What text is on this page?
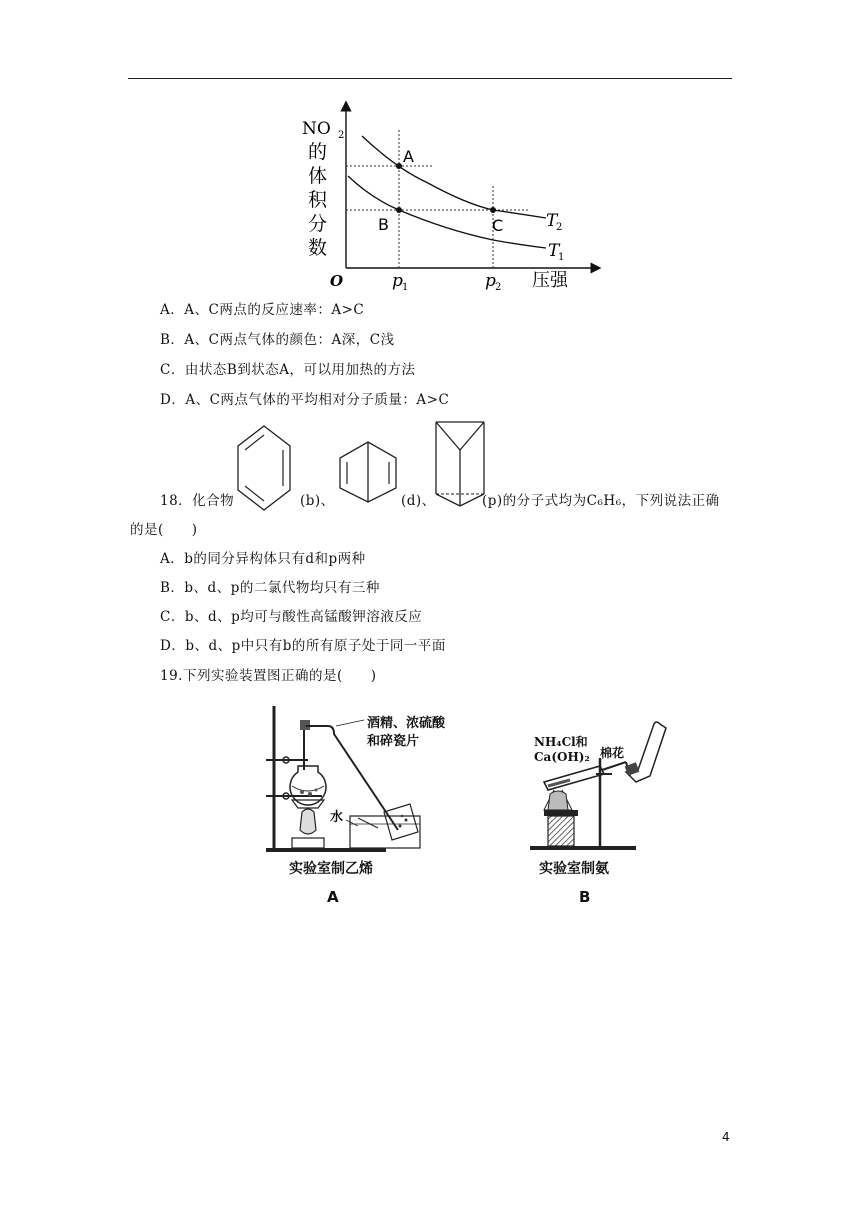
NO 2
的
体
积
分
数
O	p 1	p 2 压强
A
B	C	T
2
T
1
A．A、C两点的反应速率：A>C
B．A、C两点气体的颜色：A深，C浅
C．由状态B到状态A，可以用加热的方法
D．A、C两点气体的平均相对分子质量：A>C
18．化合物	(b)、	(d)、	(p)的分子式均为C₆H₆，下列说法正确
的是(　　)
A．b的同分异构体只有d和p两种
B．b、d、p的二氯代物均只有三种
C．b、d、p均可与酸性高锰酸钾溶液反应
D．b、d、p中只有b的所有原子处于同一平面
19.下列实验装置图正确的是(　　)
酒精、浓硫酸
和碎瓷片
水
实验室制乙烯
A
NH₄Cl和
Ca(OH)₂ 棉花
实验室制氨
B
4
